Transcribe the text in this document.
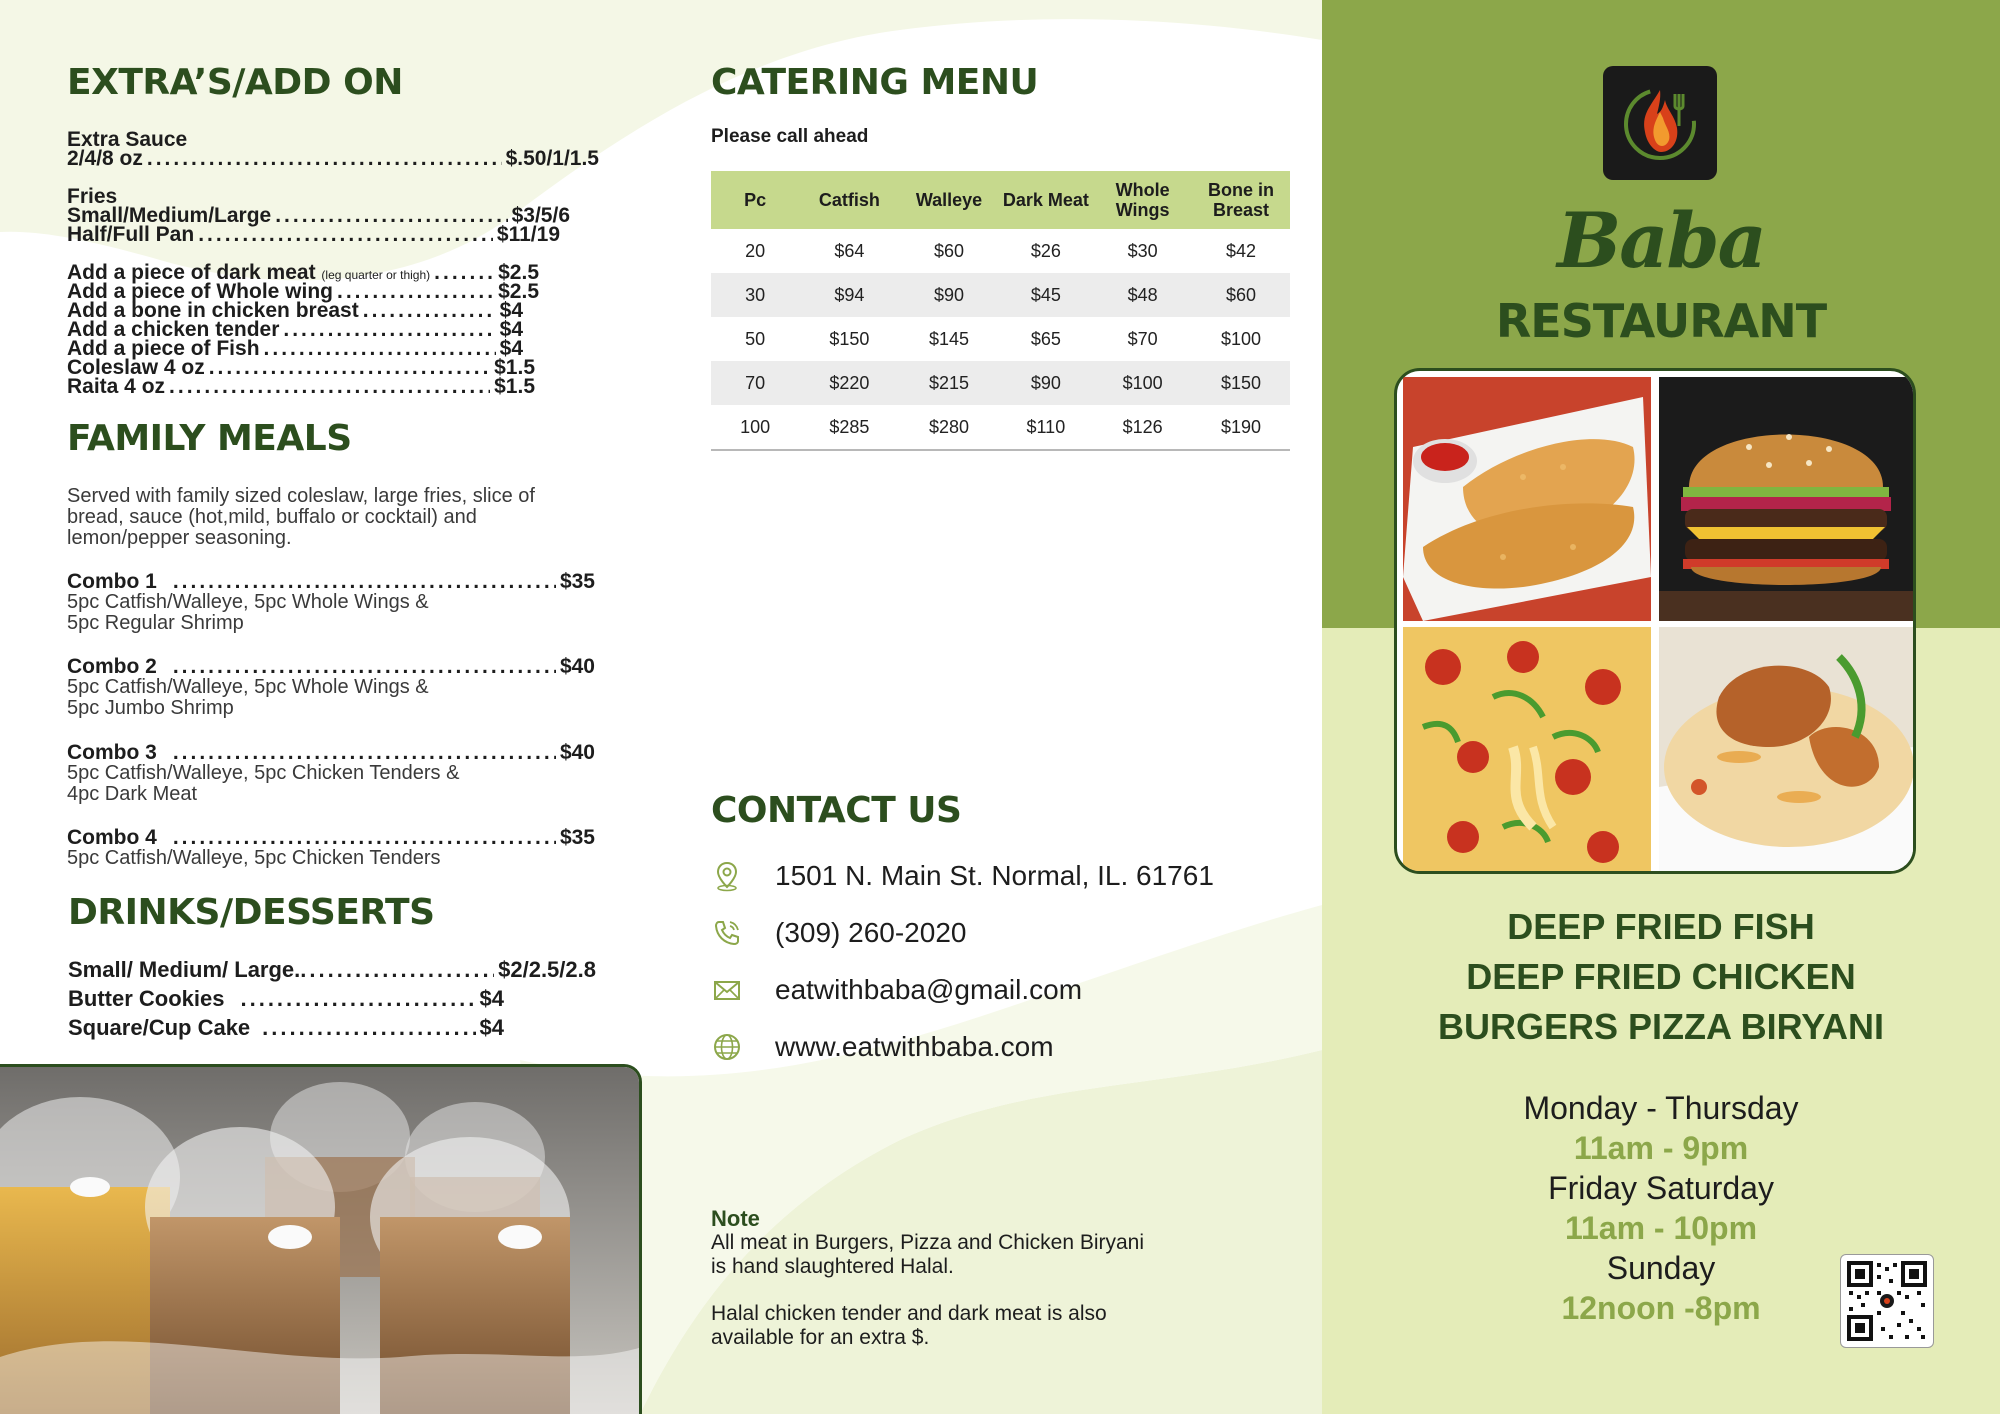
EXTRA’S/ADD ON
Extra Sauce
2/4/8 oz .....	$.50/1/1.5
Fries
Small/Medium/Large .....	$3/5/6
Half/Full Pan .....	$11/19
Add a piece of dark meat (leg quarter or thigh) .....	$2.5
Add a piece of Whole wing .....	$2.5
Add a bone in chicken breast .....	$4
Add a chicken tender .....	$4
Add a piece of Fish .....	$4
Coleslaw 4 oz .....	$1.5
Raita 4 oz .....	$1.5
FAMILY MEALS
Served with family sized coleslaw, large fries, slice of bread, sauce (hot,mild, buffalo or cocktail) and lemon/pepper seasoning.
Combo 1 .....	$35
5pc Catfish/Walleye, 5pc Whole Wings &
5pc Regular Shrimp
Combo 2 .....	$40
5pc Catfish/Walleye, 5pc Whole Wings &
5pc Jumbo Shrimp
Combo 3 .....	$40
5pc Catfish/Walleye, 5pc Chicken Tenders &
4pc Dark Meat
Combo 4 .....	$35
5pc Catfish/Walleye, 5pc Chicken Tenders
DRINKS/DESSERTS
Small/ Medium/ Large. .....	$2/2.5/2.8
Butter Cookies .....	$4
Square/Cup Cake .....	$4
CATERING MENU
Please call ahead
Pc	Catfish	Walleye	Dark Meat	Whole Wings	Bone in Breast
20	$64	$60	$26	$30	$42
30	$94	$90	$45	$48	$60
50	$150	$145	$65	$70	$100
70	$220	$215	$90	$100	$150
100	$285	$280	$110	$126	$190
CONTACT US
1501 N. Main St. Normal, IL. 61761
(309) 260-2020
eatwithbaba@gmail.com
www.eatwithbaba.com
Note
All meat in Burgers, Pizza and Chicken Biryani
is hand slaughtered Halal.
Halal chicken tender and dark meat is also
available for an extra $.
Baba
RESTAURANT
DEEP FRIED FISH
DEEP FRIED CHICKEN
BURGERS PIZZA BIRYANI
Monday - Thursday
11am - 9pm
Friday Saturday
11am - 10pm
Sunday
12noon -8pm
